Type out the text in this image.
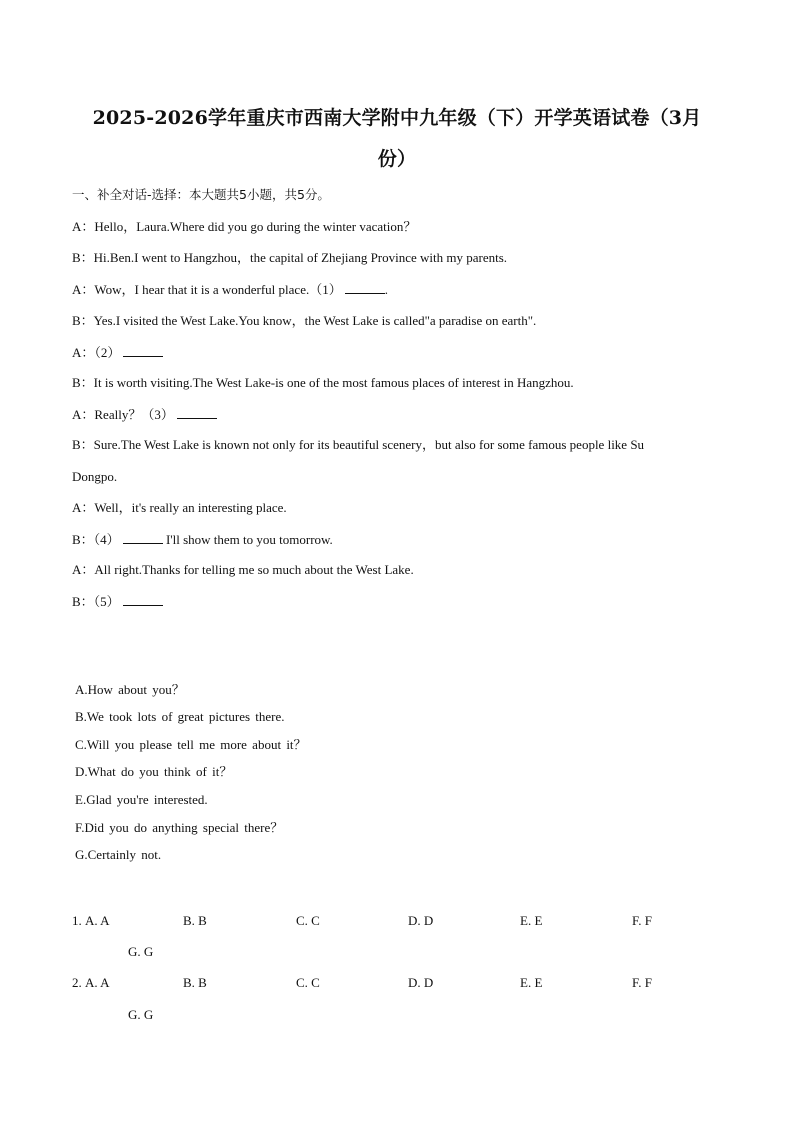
2025-2026学年重庆市西南大学附中九年级（下）开学英语试卷（3月
份）
一、补全对话-选择：本大题共5小题，共5分。
A：Hello，Laura.Where did you go during the winter vacation？
B：Hi.Ben.I went to Hangzhou，the capital of Zhejiang Province with my parents.
A：Wow，I hear that it is a wonderful place.（1）	.
B：Yes.I visited the West Lake.You know，the West Lake is called"a paradise on earth".
A：（2）
B：It is worth visiting.The West Lake-is one of the most famous places of interest in Hangzhou.
A：Really？（3）
B：Sure.The West Lake is known not only for its beautiful scenery，but also for some famous people like Su
Dongpo.
A：Well，it's really an interesting place.
B：（4）	I'll show them to you tomorrow.
A：All right.Thanks for telling me so much about the West Lake.
B：（5）
A.How about you？
B.We took lots of great pictures there.
C.Will you please tell me more about it？
D.What do you think of it？
E.Glad you're interested.
F.Did you do anything special there？
G.Certainly not.
1. A. A	B. B	C. C	D. D	E. E	F. F
G. G
2. A. A	B. B	C. C	D. D	E. E	F. F
G. G
